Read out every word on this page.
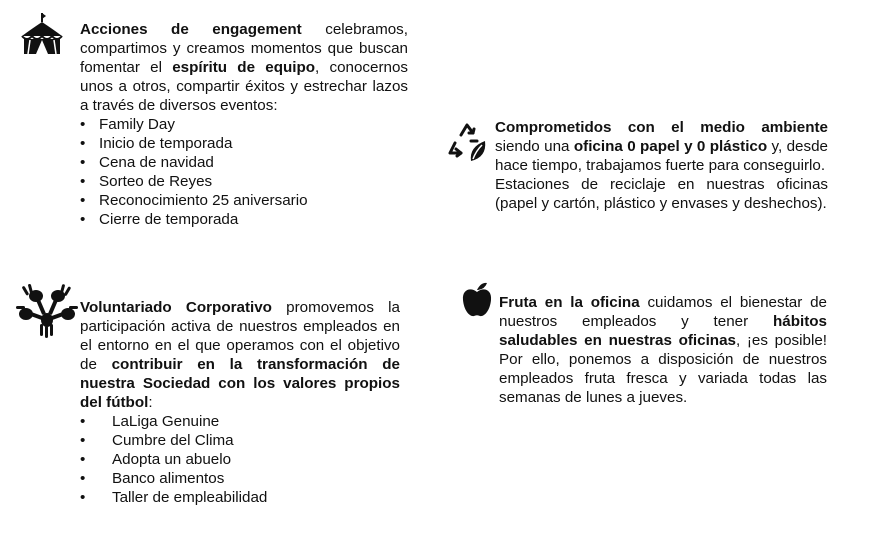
Acciones de engagement celebramos, compartimos y creamos momentos que buscan fomentar el espíritu de equipo, conocernos unos a otros, compartir éxitos y estrechar lazos a través de diversos eventos:

• Family Day
• Inicio de temporada
• Cena de navidad
• Sorteo de Reyes
• Reconocimiento 25 aniversario
• Cierre de temporada

Voluntariado Corporativo promovemos la participación activa de nuestros empleados en el entorno en el que operamos con el objetivo de contribuir en la transformación de nuestra Sociedad con los valores propios del fútbol:

• LaLiga Genuine
• Cumbre del Clima
• Adopta un abuelo
• Banco alimentos
• Taller de empleabilidad

Comprometidos con el medio ambiente siendo una oficina 0 papel y 0 plástico y, desde hace tiempo, trabajamos fuerte para conseguirlo.

Estaciones de reciclaje en nuestras oficinas (papel y cartón, plástico y envases y deshechos).

Fruta en la oficina cuidamos el bienestar de nuestros empleados y tener hábitos saludables en nuestras oficinas, ¡es posible! Por ello, ponemos a disposición de nuestros empleados fruta fresca y variada todas las semanas de lunes a jueves.
